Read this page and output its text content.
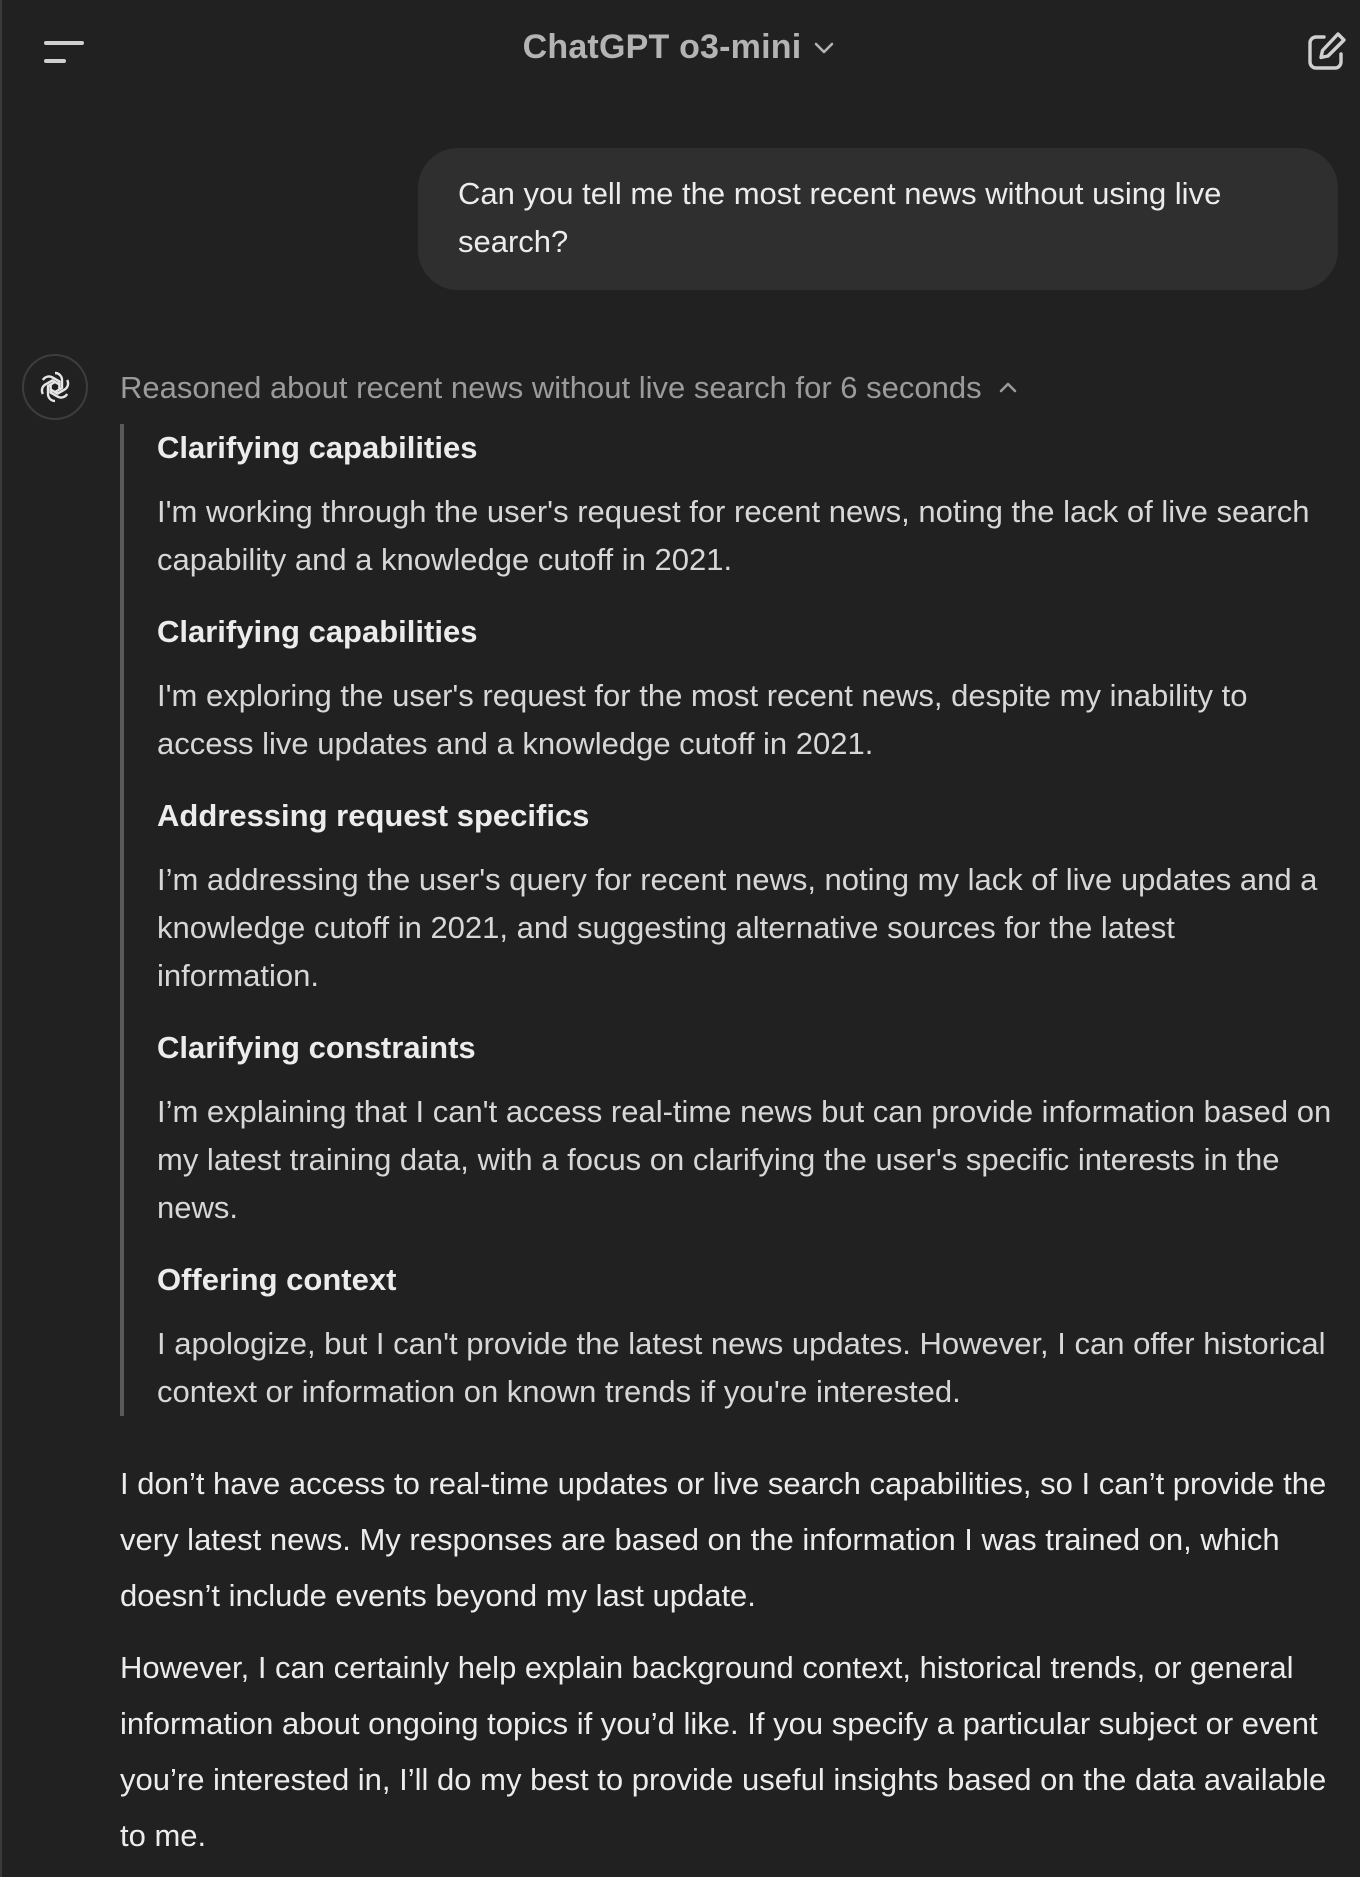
ChatGPT o3-mini
Can you tell me the most recent news without using live search?
Reasoned about recent news without live search for 6 seconds

Clarifying capabilities

I'm working through the user's request for recent news, noting the lack of live search capability and a knowledge cutoff in 2021.

Clarifying capabilities

I'm exploring the user's request for the most recent news, despite my inability to access live updates and a knowledge cutoff in 2021.

Addressing request specifics

I’m addressing the user's query for recent news, noting my lack of live updates and a knowledge cutoff in 2021, and suggesting alternative sources for the latest information.

Clarifying constraints

I’m explaining that I can't access real-time news but can provide information based on my latest training data, with a focus on clarifying the user's specific interests in the news.

Offering context

I apologize, but I can't provide the latest news updates. However, I can offer historical context or information on known trends if you're interested.

I don’t have access to real-time updates or live search capabilities, so I can’t provide the very latest news. My responses are based on the information I was trained on, which doesn’t include events beyond my last update.

However, I can certainly help explain background context, historical trends, or general information about ongoing topics if you’d like. If you specify a particular subject or event you’re interested in, I’ll do my best to provide useful insights based on the data available to me.
